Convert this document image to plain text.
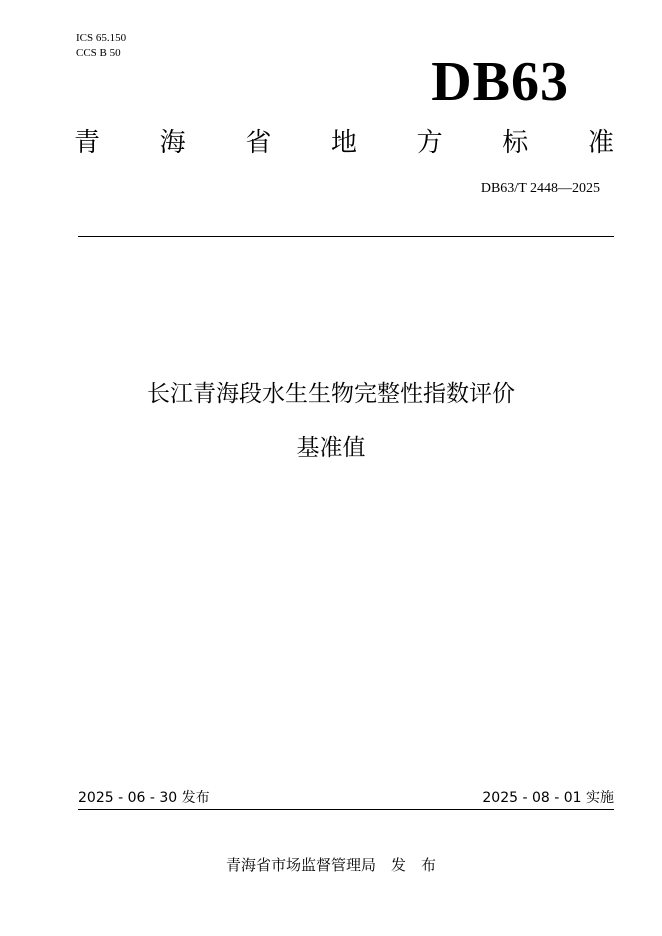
ICS 65.150
CCS B 50	DB63
青 海 省 地 方 标 准
DB63/T 2448—2025
长江青海段水生生物完整性指数评价
基准值
2025 - 06 - 30 发布	2025 - 08 - 01 实施
青海省市场监督管理局　发　布
